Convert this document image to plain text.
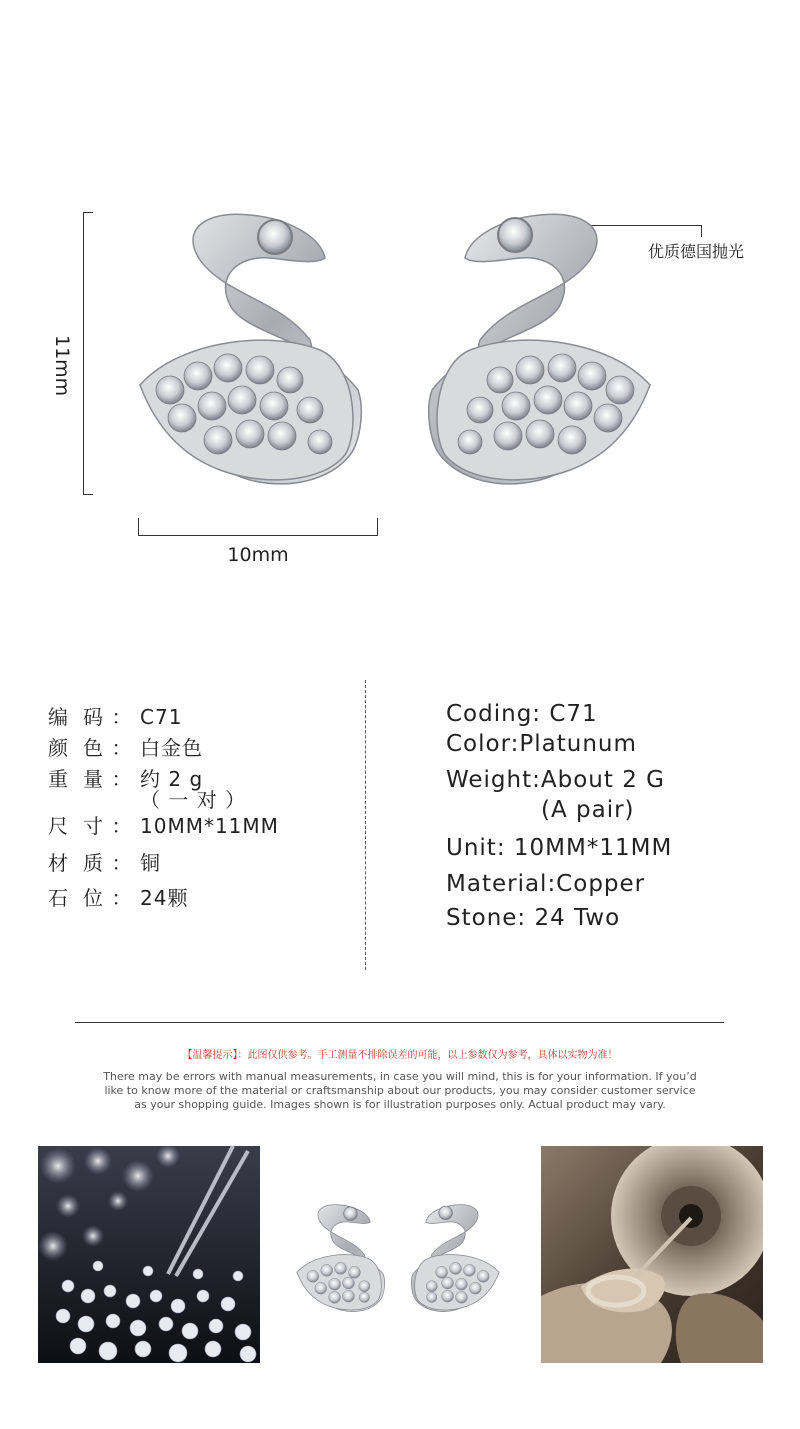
11mm
10mm
优质德国抛光
编 码 ： C71
颜 色 ： 白金色
重 量 ： 约 2 g
（ 一 对 ）
尺 寸 ： 10MM*11MM
材 质 ： 铜
石 位 ： 24颗
Coding: C71
Color:Platunum
Weight:About 2 G
(A pair)
Unit: 10MM*11MM
Material:Copper
Stone: 24 Two
【温馨提示】：此图仅供参考。手工测量不排除误差的可能，以上参数仅为参考，具体以实物为准！
There may be errors with manual measurements, in case you will mind, this is for your information. If you’d
like to know more of the material or craftsmanship about our products, you may consider customer service
as your shopping guide. Images shown is for illustration purposes only. Actual product may vary.
